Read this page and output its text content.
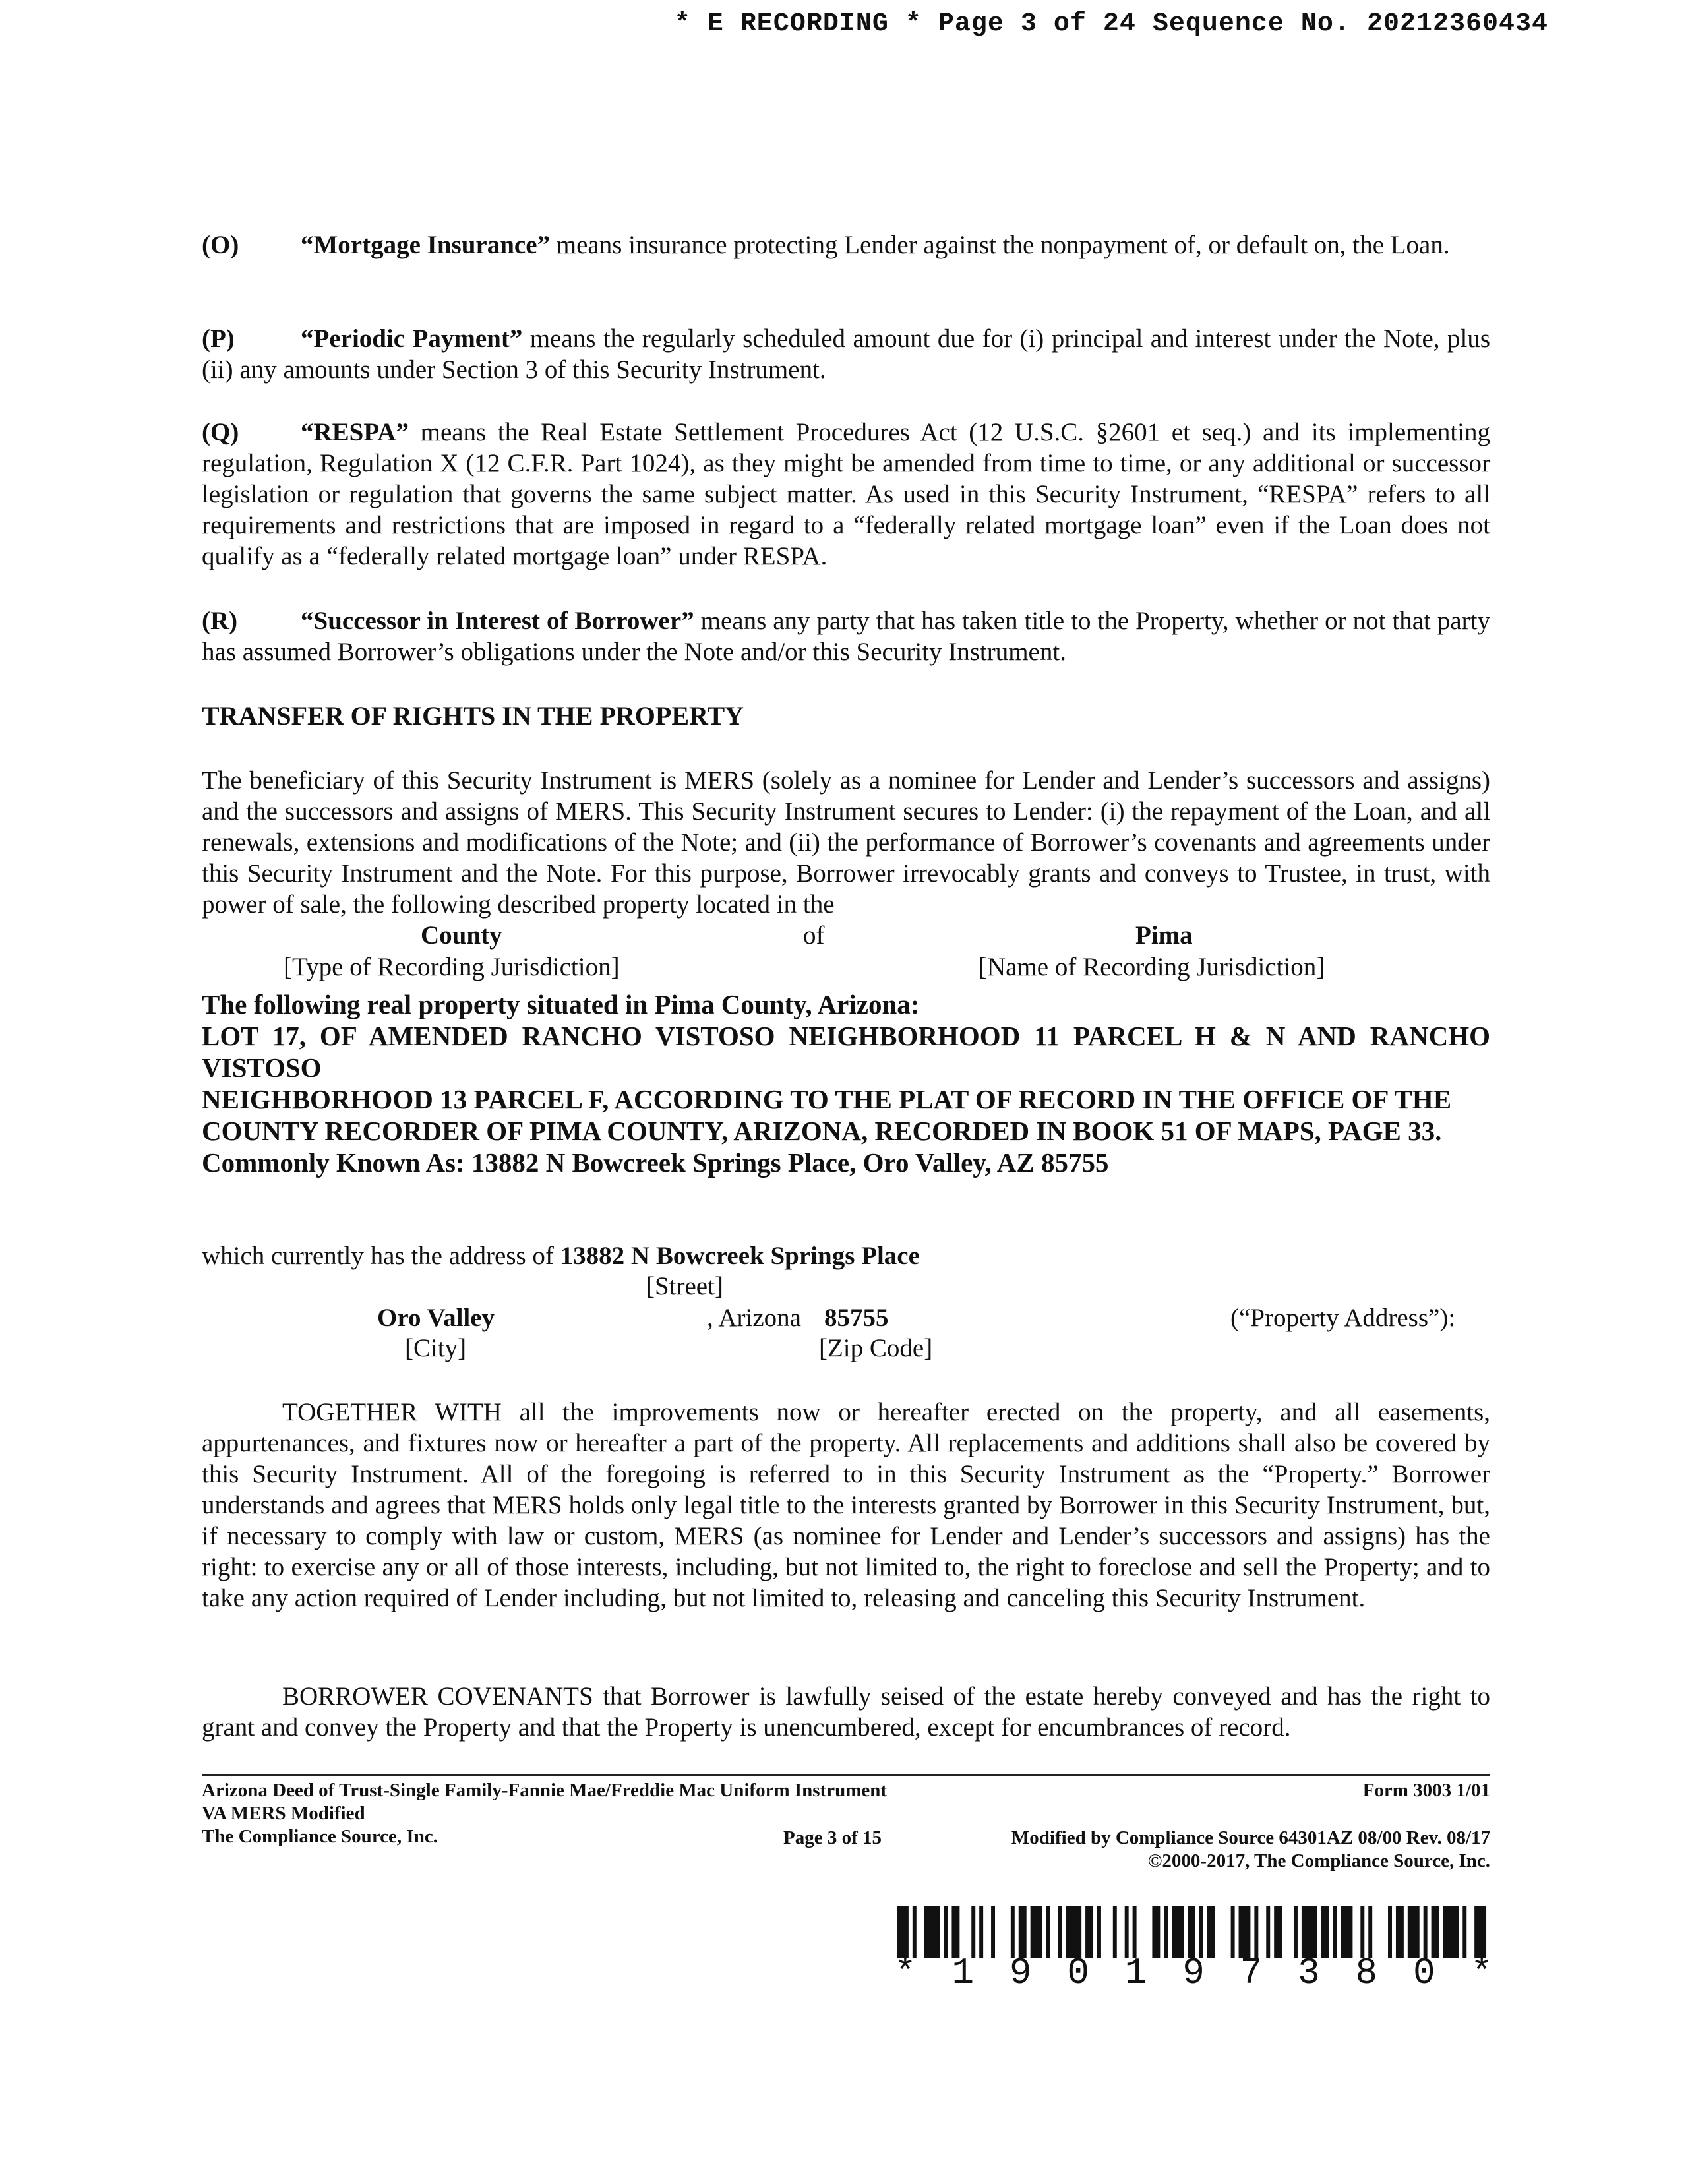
* E RECORDING * Page 3 of 24 Sequence No. 20212360434

(O) “Mortgage Insurance” means insurance protecting Lender against the nonpayment of, or default on, the Loan.

(P)	“Periodic Payment” means the regularly scheduled amount due for (i) principal and interest under the Note, plus (ii) any amounts under Section 3 of this Security Instrument.

(Q) “RESPA” means the Real Estate Settlement Procedures Act (12 U.S.C. §2601 et seq.) and its implementing regulation, Regulation X (12 C.F.R. Part 1024), as they might be amended from time to time, or any additional or successor legislation or regulation that governs the same subject matter. As used in this Security Instrument, “RESPA” refers to all requirements and restrictions that are imposed in regard to a “federally related mortgage loan” even if the Loan does not qualify as a “federally related mortgage loan” under RESPA.

(R) “Successor in Interest of Borrower” means any party that has taken title to the Property, whether or not that party has assumed Borrower’s obligations under the Note and/or this Security Instrument.

TRANSFER OF RIGHTS IN THE PROPERTY

The beneficiary of this Security Instrument is MERS (solely as a nominee for Lender and Lender’s successors and assigns) and the successors and assigns of MERS. This Security Instrument secures to Lender: (i) the repayment of the Loan, and all renewals, extensions and modifications of the Note; and (ii) the performance of Borrower’s covenants and agreements under this Security Instrument and the Note. For this purpose, Borrower irrevocably grants and conveys to Trustee, in trust, with power of sale, the following described property located in the

County	of	Pima
[Type of Recording Jurisdiction]	[Name of Recording Jurisdiction]
The following real property situated in Pima County, Arizona:
LOT 17, OF AMENDED RANCHO VISTOSO NEIGHBORHOOD 11 PARCEL H & N AND RANCHO
VISTOSO
NEIGHBORHOOD 13 PARCEL F, ACCORDING TO THE PLAT OF RECORD IN THE OFFICE OF THE
COUNTY RECORDER OF PIMA COUNTY, ARIZONA, RECORDED IN BOOK 51 OF MAPS, PAGE 33.
Commonly Known As: 13882 N Bowcreek Springs Place, Oro Valley, AZ 85755
which currently has the address of 13882 N Bowcreek Springs Place
[Street]
Oro Valley	, Arizona 85755	(“Property Address”):
[City]	[Zip Code]

TOGETHER WITH all the improvements now or hereafter erected on the property, and all easements, appurtenances, and fixtures now or hereafter a part of the property. All replacements and additions shall also be covered by this Security Instrument. All of the foregoing is referred to in this Security Instrument as the “Property.” Borrower understands and agrees that MERS holds only legal title to the interests granted by Borrower in this Security Instrument, but, if necessary to comply with law or custom, MERS (as nominee for Lender and Lender’s successors and assigns) has the right: to exercise any or all of those interests, including, but not limited to, the right to foreclose and sell the Property; and to take any action required of Lender including, but not limited to, releasing and canceling this Security Instrument.

BORROWER COVENANTS that Borrower is lawfully seised of the estate hereby conveyed and has the right to grant and convey the Property and that the Property is unencumbered, except for encumbrances of record.

Arizona Deed of Trust-Single Family-Fannie Mae/Freddie Mac Uniform Instrument	Form 3003 1/01
VA MERS Modified
The Compliance Source, Inc.	Page 3 of 15	Modified by Compliance Source 64301AZ 08/00 Rev. 08/17
©2000-2017, The Compliance Source, Inc.
* 1 9 0 1 9 7 3 8 0 *
